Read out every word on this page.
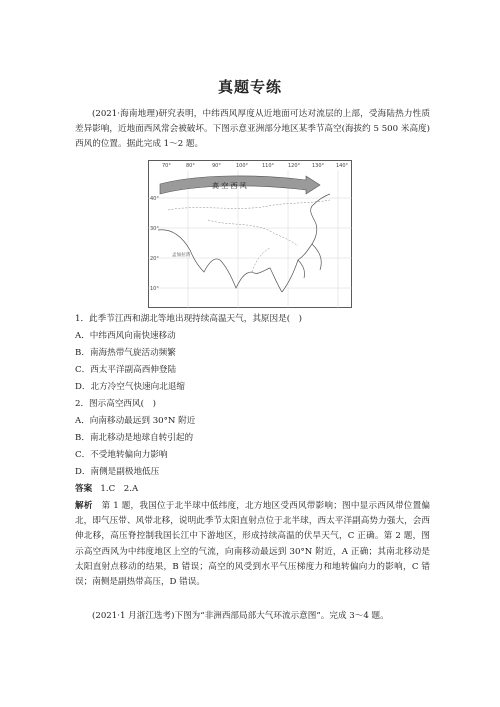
真题专练

(2021·海南地理)研究表明，中纬西风厚度从近地面可达对流层的上部，受海陆热力性质差异影响，近地面西风常会被破坏。下图示意亚洲部分地区某季节高空(海拔约 5 500 米高度)西风的位置。据此完成 1～2 题。

70°	80°	90°	100°	110°	120° 130° 140°
40°
30°
20°
10°
孟加拉湾
高 空 西 风
1．此季节江西和湖北等地出现持续高温天气，其原因是(　)
A．中纬西风向南快速移动
B．南海热带气旋活动频繁
C．西太平洋副高西伸登陆
D．北方冷空气快速向北退缩
2．图示高空西风(　)
A．向南移动最远到 30°N 附近
B．南北移动是地球自转引起的
C．不受地转偏向力影响
D．南侧是副极地低压
答案 1.C　2.A

解析 第 1 题，我国位于北半球中低纬度，北方地区受西风带影响；图中显示西风带位置偏北，即气压带、风带北移，说明此季节太阳直射点位于北半球，西太平洋副高势力强大，会西伸北移，高压脊控制我国长江中下游地区，形成持续高温的伏旱天气，C 正确。第 2 题，图示高空西风为中纬度地区上空的气流，向南移动最远到 30°N 附近，A 正确；其南北移动是太阳直射点移动的结果，B 错误；高空的风受到水平气压梯度力和地转偏向力的影响，C 错误；南侧是副热带高压，D 错误。

(2021·1 月浙江选考)下图为“非洲西部局部大气环流示意图”。完成 3～4 题。
